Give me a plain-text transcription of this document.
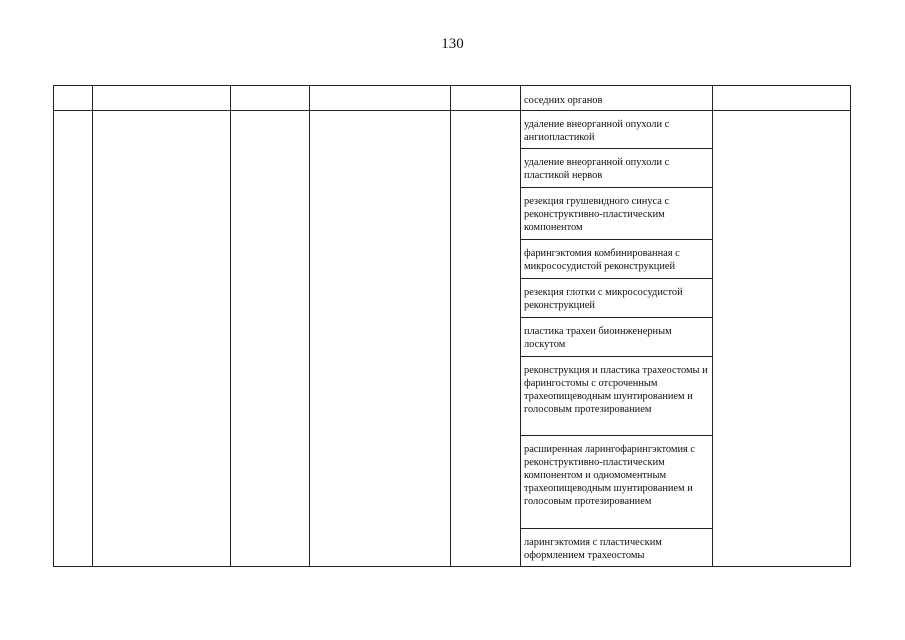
130
соседних органов
удаление внеорганной опухоли с ангиопластикой
удаление внеорганной опухоли с пластикой нервов
резекция грушевидного синуса с реконструктивно-пластическим компонентом
фарингэктомия комбинированная с микрососудистой реконструкцией
резекция глотки с микрососудистой реконструкцией
пластика трахеи биоинженерным лоскутом
реконструкция и пластика трахеостомы и фарингостомы с отсроченным трахеопищеводным шунтированием и голосовым протезированием
расширенная ларингофарингэктомия с реконструктивно-пластическим компонентом и одномоментным трахеопищеводным шунтированием и голосовым протезированием
ларингэктомия с пластическим оформлением трахеостомы
